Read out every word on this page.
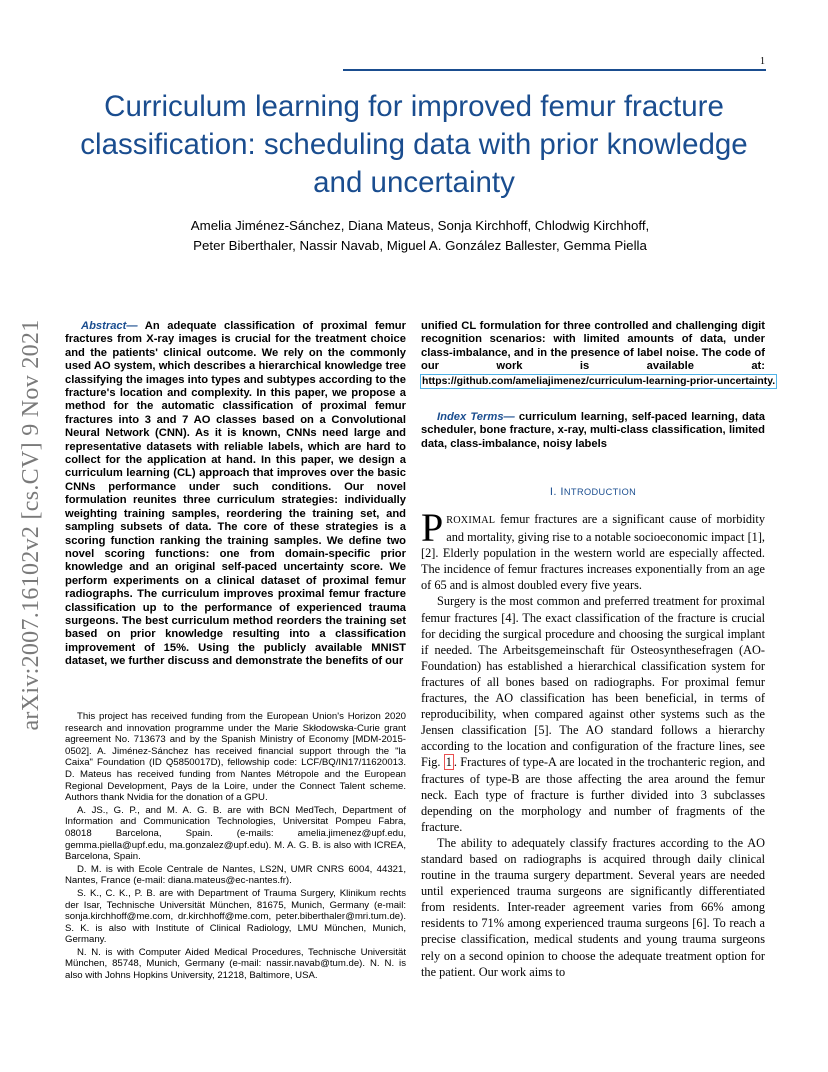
1
arXiv:2007.16102v2 [cs.CV] 9 Nov 2021
Curriculum learning for improved femur fracture classification: scheduling data with prior knowledge and uncertainty
Amelia Jiménez-Sánchez, Diana Mateus, Sonja Kirchhoff, Chlodwig Kirchhoff,
Peter Biberthaler, Nassir Navab, Miguel A. González Ballester, Gemma Piella
Abstract— An adequate classification of proximal femur fractures from X-ray images is crucial for the treatment choice and the patients' clinical outcome. We rely on the commonly used AO system, which describes a hierarchical knowledge tree classifying the images into types and subtypes according to the fracture's location and complexity. In this paper, we propose a method for the automatic classification of proximal femur fractures into 3 and 7 AO classes based on a Convolutional Neural Network (CNN). As it is known, CNNs need large and representative datasets with reliable labels, which are hard to collect for the application at hand. In this paper, we design a curriculum learning (CL) approach that improves over the basic CNNs performance under such conditions. Our novel formulation reunites three curriculum strategies: individually weighting training samples, reordering the training set, and sampling subsets of data. The core of these strategies is a scoring function ranking the training samples. We define two novel scoring functions: one from domain-specific prior knowledge and an original self-paced uncertainty score. We perform experiments on a clinical dataset of proximal femur radiographs. The curriculum improves proximal femur fracture classification up to the performance of experienced trauma surgeons. The best curriculum method reorders the training set based on prior knowledge resulting into a classification improvement of 15%. Using the publicly available MNIST dataset, we further discuss and demonstrate the benefits of our
unified CL formulation for three controlled and challenging digit recognition scenarios: with limited amounts of data, under class-imbalance, and in the presence of label noise. The code of our work is available at: https://github.com/ameliajimenez/curriculum-learning-prior-uncertainty.
Index Terms— curriculum learning, self-paced learning, data scheduler, bone fracture, x-ray, multi-class classification, limited data, class-imbalance, noisy labels
I. INTRODUCTION

PROXIMAL femur fractures are a significant cause of morbidity and mortality, giving rise to a notable socioeconomic impact [1], [2]. Elderly population in the western world are especially affected. The incidence of femur fractures increases exponentially from an age of 65 and is almost doubled every five years.

Surgery is the most common and preferred treatment for proximal femur fractures [4]. The exact classification of the fracture is crucial for deciding the surgical procedure and choosing the surgical implant if needed. The Arbeitsgemeinschaft für Osteosynthesefragen (AO-Foundation) has established a hierarchical classification system for fractures of all bones based on radiographs. For proximal femur fractures, the AO classification has been beneficial, in terms of reproducibility, when compared against other systems such as the Jensen classification [5]. The AO standard follows a hierarchy according to the location and configuration of the fracture lines, see Fig. 1 . Fractures of type-A are located in the trochanteric region, and fractures of type-B are those affecting the area around the femur neck. Each type of fracture is further divided into 3 subclasses depending on the morphology and number of fragments of the fracture.

The ability to adequately classify fractures according to the AO standard based on radiographs is acquired through daily clinical routine in the trauma surgery department. Several years are needed until experienced trauma surgeons are significantly differentiated from residents. Inter-reader agreement varies from 66% among residents to 71% among experienced trauma surgeons [6]. To reach a precise classification, medical students and young trauma surgeons rely on a second opinion to choose the adequate treatment option for the patient. Our work aims to

This project has received funding from the European Union's Horizon 2020 research and innovation programme under the Marie Skłodowska-Curie grant agreement No. 713673 and by the Spanish Ministry of Economy [MDM-2015-0502]. A. Jiménez-Sánchez has received financial support through the "la Caixa" Foundation (ID Q5850017D), fellowship code: LCF/BQ/IN17/11620013. D. Mateus has received funding from Nantes Métropole and the European Regional Development, Pays de la Loire, under the Connect Talent scheme. Authors thank Nvidia for the donation of a GPU.

A. JS., G. P., and M. A. G. B. are with BCN MedTech, Department of Information and Communication Technologies, Universitat Pompeu Fabra, 08018 Barcelona, Spain. (e-mails: amelia.jimenez@upf.edu, gemma.piella@upf.edu, ma.gonzalez@upf.edu). M. A. G. B. is also with ICREA, Barcelona, Spain.

D. M. is with Ecole Centrale de Nantes, LS2N, UMR CNRS 6004, 44321, Nantes, France (e-mail: diana.mateus@ec-nantes.fr).

S. K., C. K., P. B. are with Department of Trauma Surgery, Klinikum rechts der Isar, Technische Universität München, 81675, Munich, Germany (e-mail: sonja.kirchhoff@me.com, dr.kirchhoff@me.com, peter.biberthaler@mri.tum.de). S. K. is also with Institute of Clinical Radiology, LMU München, Munich, Germany.

N. N. is with Computer Aided Medical Procedures, Technische Universität München, 85748, Munich, Germany (e-mail: nassir.navab@tum.de). N. N. is also with Johns Hopkins University, 21218, Baltimore, USA.
